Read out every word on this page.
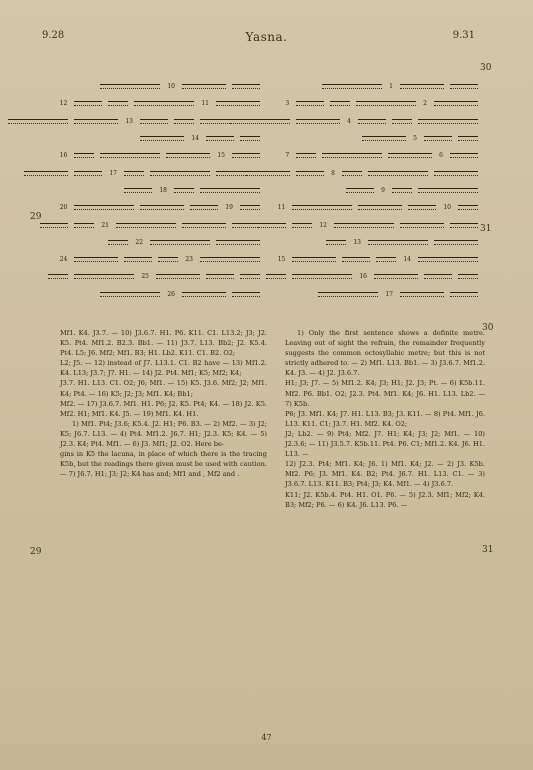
9.28	Yasna.	9.31
29
29
30
31
30
31
10
11
12
13
14
15
16
17
18
19
20
21
22
23
24
25
26
1
2
3
4
5
6
7
8
9
10
11
12
13
14
15
16
17

Mf1. K4. J3.7. — 10) J3.6.7. H1. P6. K11. C1. L13.2; J3; J2. K5. Pt4. Mf1.2. B2.3. Bb1. — 11) J3.7. L13. Bb2; J2. K5.4. Pt4. L5; J6. Mf2; Mf1. B3; H1. Lb2. K11. C1. B2. O2;

L2; J5. — 12) instead of J7. L13.1. C1. B2 have — 13) Mf1.2. K4. L13; J3.7; J7. H1. — 14) J2. Pt4. Mf1; K5; Mf2; K4;

J3.7. H1. L13. C1. O2; J6; Mf1. — 15) K5. J3.6. Mf2; J2; Mf1. K4; Pt4. — 16) K5; J2; J3; Mf1. K4; Bb1;

Mf2. — 17) J3.6.7. Mf1. H1. P6; J2. K5. Pt4; K4. — 18) J2. K5. Mf2. H1; Mf1. K4. J5. — 19) Mf1. K4. H1.

1) Mf1. Pt4; J3.6; K5.4. J2. H1; P6. B3. — 2) Mf2. — 3) J2; K5; J6.7. L13. — 4) Pt4. Mf1.2. J6.7. H1; J2.3. K5; K4. — 5) J2.3. K4; Pt4. Mf1. — 6) J3. Mf1; J2. O2. Here be-

gins in K5 the lacuna, in place of which there is the tracing K5b, but the readings there given must be used with caution. — 7) J6.7. H1; J3; J2; K4 has and; Mf1 and , Mf2 and .

1) Only the first sentence shows a definite metre. Leaving out of sight the refrain, the remainder frequently suggests the common octosyllabic metre; but this is not strictly adhered to. — 2) Mf1. L13. Bb1. — 3) J3.6.7. Mf1.2. K4. J3. — 4) J2. J3.6.7.

H1; J3; J7. — 5) Mf1.2. K4; J3; H1; J2. J3; Pt. — 6) K5b.11. Mf2. P6. Bb1. O2; J2.3. Pt4. Mf1. K4; J6. H1. L13. Lb2. — 7) K5b.

P6; J3. Mf1. K4; J7. H1. L13. B3; J3. K11. — 8) Pt4. Mf1. J6. L13. K11. C1; J3.7. H1. Mf2. K4. O2;

J2; Lb2. — 9) Pt4; Mf2. J7. H1; K4; J3; J2; Mf1. — 10) J2.3.6; — 11) J3.5.7. K5b.11. Pt4. P6. C1; Mf1.2. K4. J6. H1. L13. —

12) J2.3. Pt4; Mf1. K4; J6. 1) Mf1. K4; J2. — 2) J3. K5b. Mf2. P6; J3. Mf1. K4. B2; Pt4. J6.7. H1. L13. C1. — 3) J3.6.7. L13. K11. B3; Pt4; J3; K4. Mf1. — 4) J3.6.7.

K11; J2. K5b.4. Pt4. H1. O1. P6. — 5) J2.3. Mf1; Mf2; K4. B3; Mf2; P6. — 6) K4. J6. L13. P6. —

47
